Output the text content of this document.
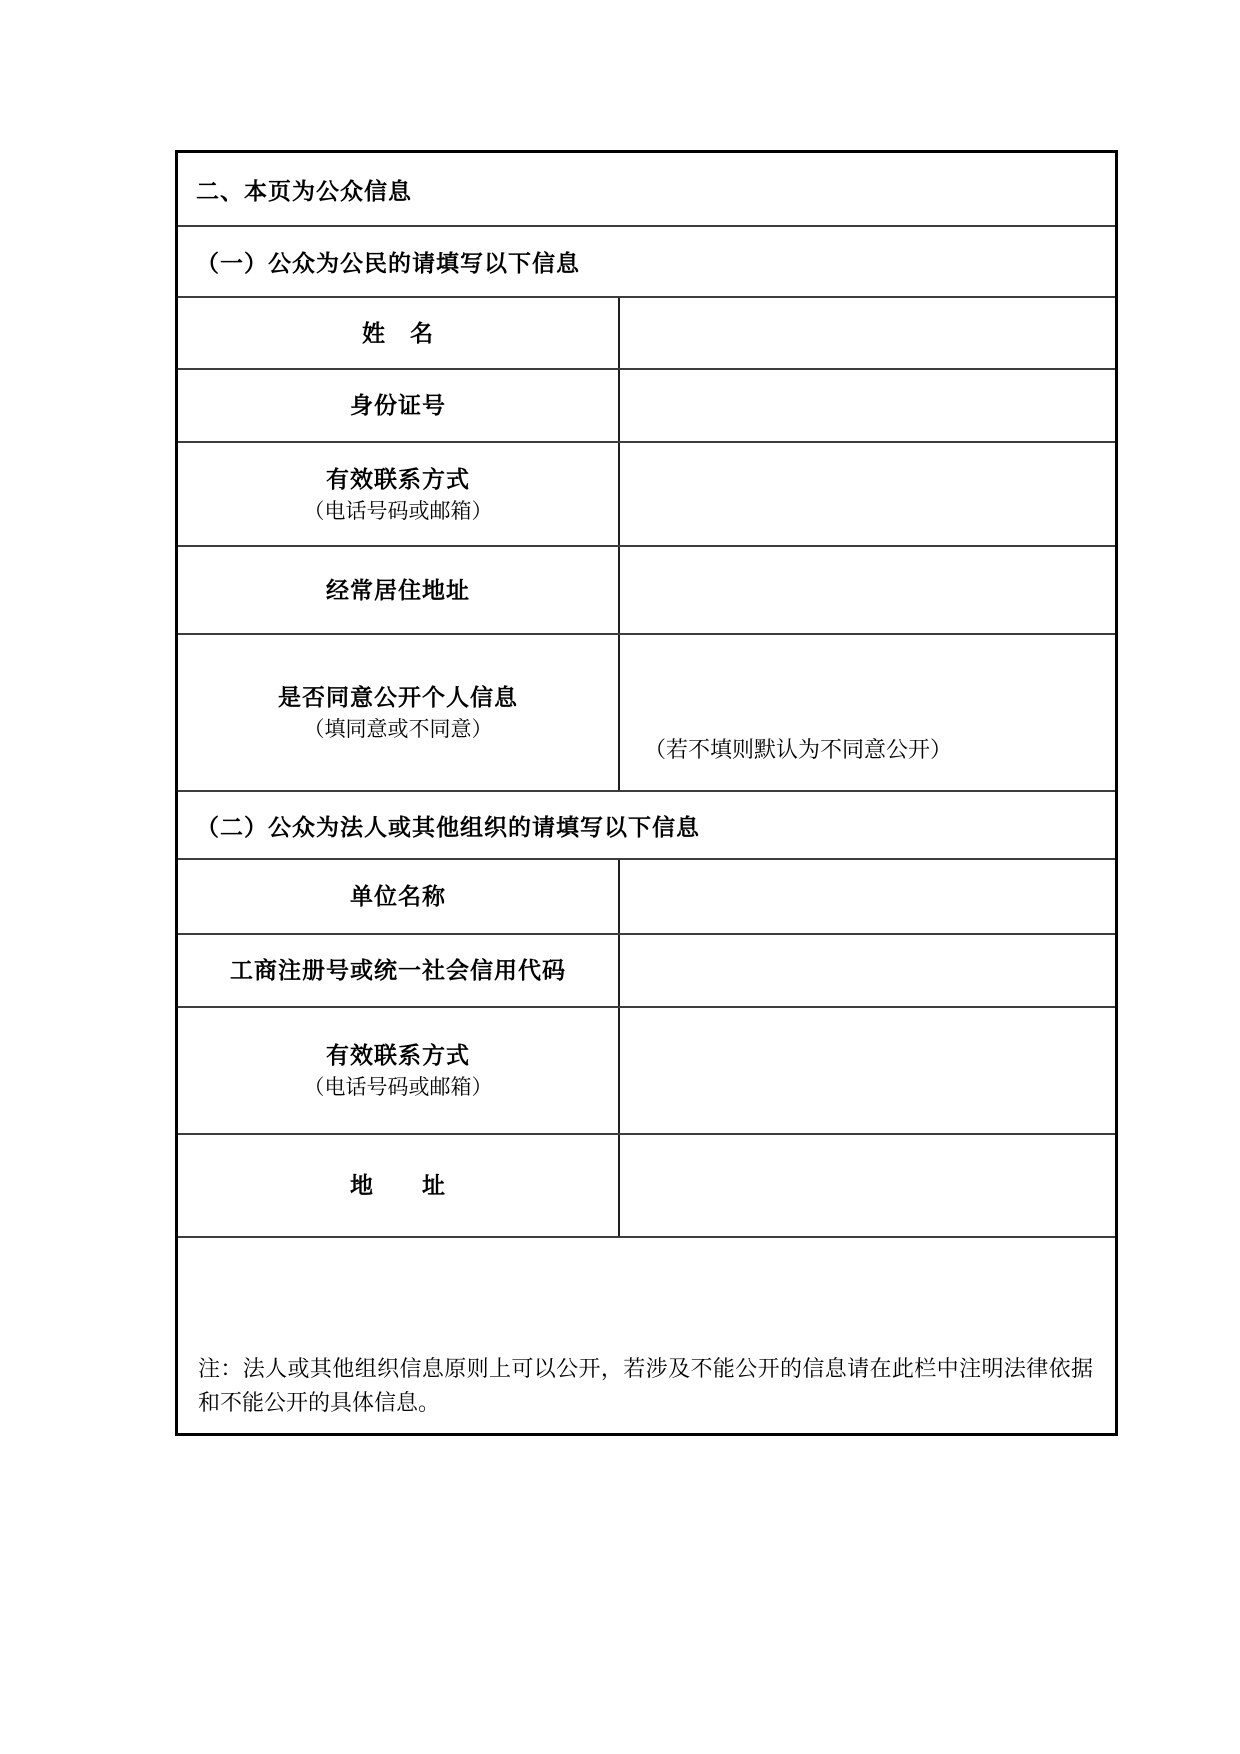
二、本页为公众信息
（一）公众为公民的请填写以下信息
姓　名
身份证号
有效联系方式
（电话号码或邮箱）
经常居住地址
是否同意公开个人信息
（填同意或不同意）
（若不填则默认为不同意公开）
（二）公众为法人或其他组织的请填写以下信息
单位名称
工商注册号或统一社会信用代码
有效联系方式
（电话号码或邮箱）
地　　址
注：法人或其他组织信息原则上可以公开，若涉及不能公开的信息请在此栏中注明法律依据和不能公开的具体信息。
